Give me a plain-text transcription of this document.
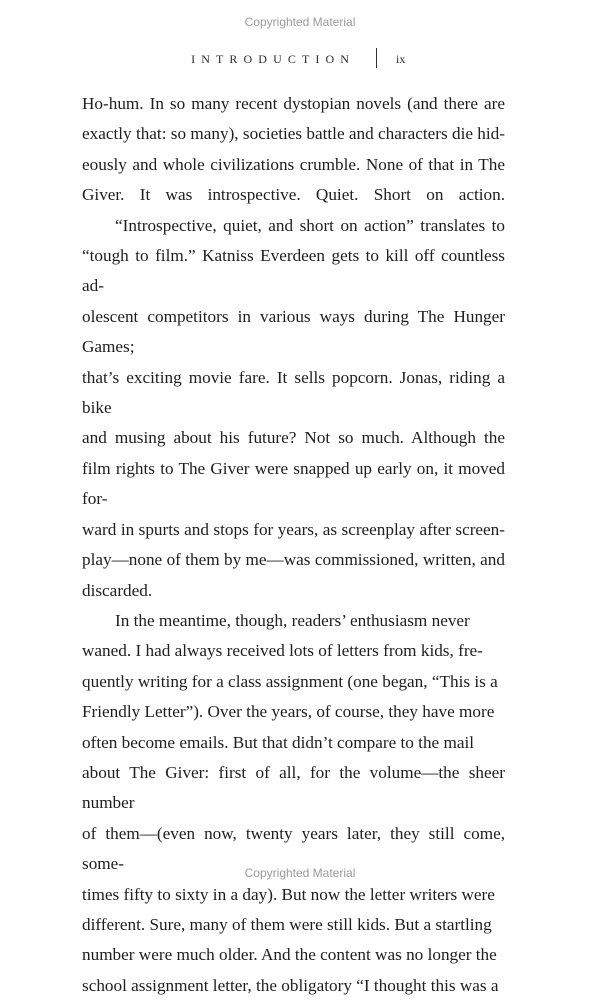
Copyrighted Material
INTRODUCTION	ix

Ho-hum. In so many recent dystopian novels (and there are
exactly that: so many), societies battle and characters die hid-
eously and whole civilizations crumble. None of that in The
Giver. It was introspective. Quiet. Short on action.

“Introspective, quiet, and short on action” translates to
“tough to film.” Katniss Everdeen gets to kill off countless ad-
olescent competitors in various ways during The Hunger Games;
that’s exciting movie fare. It sells popcorn. Jonas, riding a bike
and musing about his future? Not so much. Although the
film rights to The Giver were snapped up early on, it moved for-
ward in spurts and stops for years, as screenplay after screen-
play—none of them by me—was commissioned, written, and
discarded.

In the meantime, though, readers’ enthusiasm never
waned. I had always received lots of letters from kids, fre-
quently writing for a class assignment (one began, “This is a
Friendly Letter”). Over the years, of course, they have more
often become emails. But that didn’t compare to the mail
about The Giver: first of all, for the volume—the sheer number
of them—(even now, twenty years later, they still come, some-
times fifty to sixty in a day). But now the letter writers were
different. Sure, many of them were still kids. But a startling
number were much older. And the content was no longer the
school assignment letter, the obligatory “I thought this was a

Copyrighted Material
